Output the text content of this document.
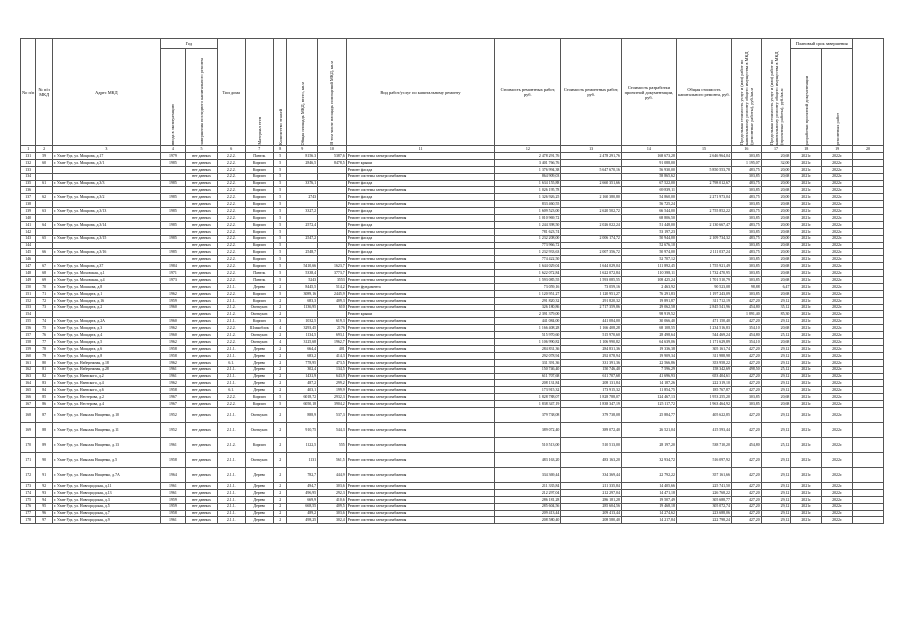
No п/п	№ п/п МКД	Адрес МКД	Год		Тип дома	Материал стен	Количество этажей	Общая площадь МКД, всего, кв.м	В том числе площадь помещений МКД, кв.м	Вид работ/услуг по капитальному ремонту	Стоимость ремонтных работ, руб.	Стоимость ремонтных работ, руб.	Стоимость разработки проектной документации, руб.	Общая стоимость капитального ремонта, руб.	Предельная стоимость услуг и (или) работ по капитальному ремонту общего имущества в МКД (ремонтные работы), руб./кв.м	Предельная стоимость услуг и (или) работ по капитальному ремонту общего имущества в МКД (проектные работы), руб./кв.м	Плановый срок завершения		

			ввода в эксплуатацию	завершения последнего капитального ремонта													разработки проектной документации	ремонтных работ	

1	2	3	4	5	6	7	8	9	10	11	12	13	14	15	16	17	18	19	20
131	59	г. Улан-Удэ, ул. Мокрова, д.17	1979	нет данных	2.2.2.	Панель	5	8156.3	5387,6	Ремонт системы электроснабжения	2 478 291,76	2 478 291,76	168 673,28	2 646 964,04	303,85	20,68	2021г.	2022г.	
132	60	г. Улан-Удэ, ул. Мокрова, д.3/1	1985	нет данных	2.2.2.	Кирпич	5	2846,5	8478,5	Ремонт крыши	3 401 766,76		91 088,00		1 195,07	32,00	2021г.	2022г.	
133				нет данных	2.2.2.	Кирпич	5			Ремонт фасада	1 376 994,38	5 647 670,16	56 930,00	5 850 553,78	483,75	20,00	2021г.	2022г.	
134				нет данных	2.2.2.	Кирпич	5			Ремонт системы электроснабжения	864 909,03		58 865,62		303,85	20,68	2021г.	2022г.	
135	61	г. Улан-Удэ, ул. Мокрова, д.3/3	1985	нет данных	2.2.2.	Кирпич	5	3376,1		Ремонт фасада	1 634 155,88	2 660 351,66	67 522,00	2 798 012,67	483,75	20,00	2021г.	2022г.	
136				нет данных	2.2.2.	Кирпич	5			Ремонт системы электроснабжения	1 026 195,78		69 839,11		303,85	20,68	2021г.	2022г.	
137	62	г. Улан-Удэ, ул. Мокрова, д.3/2	1985	нет данных	2.2.2.	Кирпич	5	2743		Ремонт фасада	1 326 926,25	2 160 380,80	54 860,00	2 271 973,04	483,75	20,00	2021г.	2022г.	
138				нет данных	2.2.2.	Кирпич	5			Ремонт системы электроснабжения	833 460,55		56 725,24		303,85	20,68	2021г.	2022г.	
139	63	г. Улан-Удэ, ул. Мокрова, д.3/13	1985	нет данных	2.2.2.	Кирпич	5	3327,2		Ремонт фасада	1 609 523,00	2 620 502,72	66 544,00	2 755 852,22	483,75	20,00	2021г.	2022г.	
140				нет данных	2.2.2.	Кирпич	5			Ремонт системы электроснабжения	1 010 969,72		68 806,50		303,85	20,68	2021г.	2022г.	
141	64	г. Улан-Удэ, ул. Мокрова, д.3/14	1985	нет данных	2.2.2.	Кирпич	5	2572,4		Ремонт фасада	1 244 398,50	2 026 022,24	51 448,00	2 130 667,47	483,75	20,00	2021г.	2022г.	
142				нет данных	2.2.2.	Кирпич	5			Ремонт системы электроснабжения	781 623,74		53 197,23		303,85	20,68	2021г.	2022г.	
143	65	г. Улан-Удэ, ул. Мокрова, д.3/15	1985	нет данных	2.2.2.	Кирпич	5	2547,2		Ремонт фасада	1 232 208,00	2 006 174,72	50 944,00	2 109 734,32	483,75	20,00	2021г.	2022г.	
144				нет данных	2.2.2.	Кирпич	5			Ремонт системы электроснабжения	773 966,72		52 676,10		303,85	20,68	2021г.	2022г.	
145	66	г. Улан-Удэ, ул. Мокрова, д.3/16	1985	нет данных	2.2.2.	Кирпич	5	2548,7		Ремонт фасада	1 232 933,63	2 007 356,72	50 974,00	2 111 037,24	483,75	20,00	2021г.	2022г.	
146				нет данных	2.2.2.	Кирпич	5			Ремонт системы электроснабжения	774 422,50		52 707,12		303,85	20,68	2021г.	2022г.	
147	67	г. Улан-Удэ, ул. Мокрова, д.37	1984	нет данных	2.2.2.	Кирпич	5	5410,66	1623,7	Ремонт системы электроснабжения	1 644 029,04	1 644 029,04	111 892,45	1 755 921,49	303,85	20,68	2021г.	2022г.	
148	68	г. Улан-Удэ, ул. Моховская, д.1	1971	нет данных	2.2.2.	Панель	5	5338,4	3773,7	Ремонт системы электроснабжения	1 622 072,84	1 622 072,84	110 398,11	1 732 470,95	303,85	20,68	2021г.	2022г.	
149	69	г. Улан-Удэ, ул. Моховская, д.4	1973	нет данных	2.2.2.	Панель	5	5243	3553	Ремонт системы электроснабжения	1 593 085,55	1 593 085,55	108 425,24	1 701 510,79	303,85	20,68	2021г.	2022г.	
150	70	г. Улан-Удэ, ул. Мошкова, д.8		нет данных	2.1.1.	Дерево	2	8445,5	514,2	Ремонт фундамента	73 059,16	73 059,16	2 463,92	90 523,08	98,88	6,47	2021г.	2022г.	
151	71	г. Улан-Удэ, ул. Мощарта, д.1	1962	нет данных	2.2.2.	Кирпич	5	3089,16	2445,9	Ремонт системы электроснабжения	1 120 951,27	1 120 951,27	76 291,83	1 197 243,09	303,85	20,68	2021г.	2022г.	
152	72	г. Улан-Удэ, ул. Мощарта, д.16	1959	нет данных	2.1.1.	Кирпич	2	683,3	409,3	Ремонт системы электроснабжения	291 820,32	291 820,32	19 891,87	311 712,19	427,20	29,12	2021г.	2022г.	
153	73	г. Улан-Удэ, ул. Мощарта, д.2	1960	нет данных	2.1.2.	Ошткукат.	2	1136,95	610	Ремонт системы электроснабжения	326 180,86	2 717 359,86	29 062,58	2 845 541,96	454,80	35,12	2021г.	2022г.	
154				нет данных	2.1.2.	Ошткукат.	2			Ремонт крыши	2 391 379,00		98 919,52		1 891,40	85,30	2021г.	2022г.	
155	74	г. Улан-Удэ, ул. Мощарта, д.2А	1960	нет данных	2.1.1.	Кирпич	3	1032,5	619,3	Ремонт системы электроснабжения	441 084,00	441 084,00	30 066,40	471 150,40	427,20	29,12	2021г.	2022г.	
156	75	г. Улан-Удэ, ул. Мощарта, д.3	1962	нет данных	2.2.2.	Шлакоблок	4	3293,45	2176	Ремонт системы электроснабжения	1 166 408,28	1 166 408,28	68 108,55	1 234 516,83	354,10	20,68	2021г.	2022г.	
157	76	г. Улан-Удэ, ул. Мощарта, д.4	1960	нет данных	2.1.2.	Ошткукат.	2	1134,5	693,1	Ремонт системы электроснабжения	515 970,60	515 970,60	28 498,64	544 469,24	454,80	25,12	2021г.	2022г.	
158	77	г. Улан-Удэ, ул. Мощарта, д.5	1962	нет данных	2.2.2.	Ошткукат.	4	3125,68	1962,7	Ремонт системы электроснабжения	1 106 990,82	1 106 990,82	64 639,06	1 171 629,89	354,10	20,68	2021г.	2022г.	
159	78	г. Улан-Удэ, ул. Мощарта, д.6	1958	нет данных	2.1.1.	Дерево	2	664,4	401	Ремонт системы электроснабжения	284 831,36	284 831,36	19 336,38	305 161,74	427,20	29,12	2021г.	2022г.	
160	79	г. Улан-Удэ, ул. Мощарта, д.8	1958	нет данных	2.1.1.	Дерево	2	683,2	414,3	Ремонт системы электроснабжения	292 078,94	292 078,94	19 909,34	311 988,98	427,20	29,12	2021г.	2022г.	
161	80	г. Улан-Удэ, ул. Набережная, д.18	1962	нет данных	6.1.	Дерево	2	778,95	473,5	Ремонт системы электроснабжения	331 391,36	331 391,36	22 566,86	353 958,22	427,20	29,12	2021г.	2022г.	
162	81	г. Улан-Удэ, ул. Набережная, д.28	1961	нет данных	2.1.1.	Дерево	2	302,4	134,5	Ремонт системы электроснабжения	150 746,40	150 746,40	7 596,29	158 342,69	498,50	25,12	2021г.	2022г.	
163	82	г. Улан-Удэ, ул. Наевского, д.2	1961	нет данных	2.1.1.	Дерево	2	1431,9	643,9	Ремонт системы электроснабжения	611 707,68	611 707,68	41 696,93	653 404,61	427,20	29,12	2021г.	2022г.	
164	83	г. Улан-Удэ, ул. Наевского, д.4	1962	нет данных	2.1.1.	Дерево	2	487,2	299,2	Ремонт системы электроснабжения	208 131,84	208 131,84	14 187,26	222 319,10	427,20	29,12	2021г.	2022г.	
165	84	г. Улан-Удэ, ул. Наевского, д.6	1958	нет данных	6.1.	Дерево	2	403,1	199,9	Ремонт системы электроснабжения	173 915,32	173 915,32	11 854,75	185 767,87	427,20	29,12	2021г.	2022г.	
166	85	г. Улан-Удэ, ул. Нестерова, д.2	1967	нет данных	2.2.2.	Кирпич	5	6018,72	2932,3	Ремонт системы электроснабжения	1 828 788,07	1 828 788,07	124 467,13	1 953 255,20	303,85	20,68	2021г.	2022г.	
167	86	г. Улан-Удэ, ул. Нестерова, д.4	1967	нет данных	2.2.2.	Кирпич	5	6050,18	3904,2	Ремонт системы электроснабжения	1 838 347,19	1 838 347,19	125 117,72	1 963 464,92	303,85	20,68	2021г.	2022г.	
168	87	г. Улан-Удэ, ул. Николая Нищенко, д.10	1952	нет данных	2.1.1.	Ошткукат.	2	888,9	537,3	Ремонт системы электроснабжения	379 738,08	379 738,08	25 884,77	405 622,85	427,20	29,12	2021г.	2022г.	
169	88	г. Улан-Удэ, ул. Николая Нищенко, д.11	1952	нет данных	2.1.1.	Ошткукат.	2	910,75	544,3	Ремонт системы электроснабжения	389 072,40	389 072,40	26 521,04	415 593,44	427,20	29,12	2021г.	2022г.	
170	89	г. Улан-Удэ, ул. Николая Нищенко, д.13	1961	нет данных	2.1.2.	Кирпич	2	1122,5	555	Ремонт системы электроснабжения	510 513,00	510 513,00	28 197,20	538 710,20	454,80	25,12	2021г.	2022г.	
171	90	г. Улан-Удэ, ул. Николая Нищенко, д.5	1958	нет данных	2.1.1.	Ошткукат.	2	1131	561,5	Ремонт системы электроснабжения	483 163,20	483 163,20	32 934,72	516 097,92	427,20	29,12	2021г.	2022г.	
172	91	г. Улан-Удэ, ул. Николая Нищенко, д.7А	1964	нет данных	2.1.1.	Дерево	2	782,7	444,9	Ремонт системы электроснабжения	334 369,44	334 369,44	22 792,22	357 161,66	427,20	29,12	2021г.	2022г.	
173	92	г. Улан-Удэ, ул. Новгородская, д.11	1961	нет данных	2.1.1.	Дерево	2	494,7	303,6	Ремонт системы электроснабжения	211 335,84	211 335,84	14 405,66	225 741,50	427,20	29,12	2021г.	2022г.	
174	93	г. Улан-Удэ, ул. Новгородская, д.13	1961	нет данных	2.1.1.	Дерево	2	496,95	292,3	Ремонт системы электроснабжения	212 297,04	212 297,04	14 471,18	226 768,22	427,20	29,12	2021г.	2022г.	
175	94	г. Улан-Удэ, ул. Новгородская, д.3	1959	нет данных	2.1.1.	Дерево	2	669,9	410,6	Ремонт системы электроснабжения	286 181,28	286 181,28	19 507,49	305 688,77	427,20	29,12	2021г.	2022г.	
176	95	г. Улан-Удэ, ул. Новгородская, д.5	1959	нет данных	2.1.1.	Дерево	2	668,55	409,5	Ремонт системы электроснабжения	285 604,56	285 604,56	19 468,18	305 072,74	427,20	29,12	2021г.	2022г.	
177	96	г. Улан-Удэ, ул. Новгородская, д.7	1958	нет данных	2.1.1.	Дерево	2	489,2	303,6	Ремонт системы электроснабжения	209 413,44	209 413,44	14 274,62	223 688,06	427,20	29,12	2021г.	2022г.	
178	97	г. Улан-Удэ, ул. Новгородская, д.9	1961	нет данных	2.1.1.	Дерево	2	498,25	302,4	Ремонт системы электроснабжения	208 580,40	208 580,40	14 217,84	222 798,24	427,20	29,12	2021г.	2022г.	
